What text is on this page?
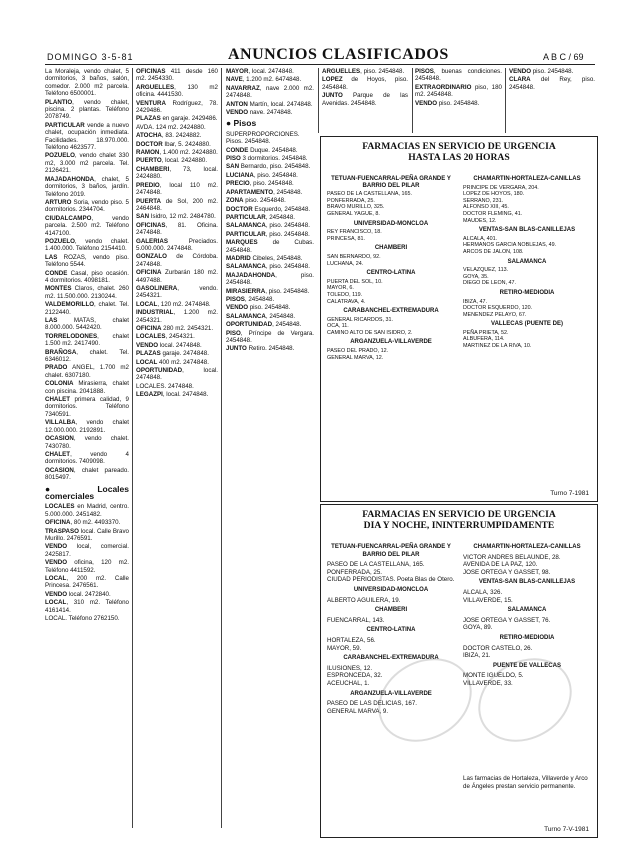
DOMINGO 3-5-81	ANUNCIOS CLASIFICADOS	A B C / 69

La Moraleja, vendo chalet, 5 dormitorios, 3 baños, salón, comedor. 2.000 m2 parcela. Teléfono 6500001.

PLANTIO, vendo chalet, piscina. 2 plantas. Teléfono 2078749.

PARTICULAR vende a nuevo chalet, ocupación inmediata. Facilidades. 18.970.000. Teléfono 4623577.

POZUELO, vendo chalet 330 m2, 3.000 m2 parcela. Tel. 2126421.

MAJADAHONDA, chalet, 5 dormitorios, 3 baños, jardín. Teléfono 2019.

ARTURO Soria, vendo piso. 5 dormitorios. 2344704.

CIUDALCAMPO, vendo parcela. 2.500 m2. Teléfono 4147100.

POZUELO, vendo chalet. 1.400.000. Teléfono 2154410.

LAS ROZAS, vendo piso. Teléfono 5544.

CONDE Casal, piso ocasión. 4 dormitorios. 4098181.

MONTES Claros, chalet. 260 m2. 11.500.000. 2130244.

VALDEMORILLO, chalet. Tel. 2122440.

LAS MATAS, chalet 8.000.000. 5442420.

TORRELODONES, chalet 1.500 m2. 2417490.

BRAÑOSA, chalet. Tel. 6346012.

PRADO ANGEL, 1.700 m2 chalet. 6307180.

COLONIA Mirasierra, chalet con piscina. 2041888.

CHALET primera calidad, 9 dormitorios. Teléfono 7340591.

VILLALBA, vendo chalet 12.000.000. 2192891.

OCASION, vendo chalet. 7430780.

CHALET, vendo 4 dormitorios. 7409098.

OCASION, chalet pareado. 8015497.

● Locales comerciales

LOCALES en Madrid, centro. 5.000.000. 2451482.

OFICINA, 80 m2. 4493370.

TRASPASO local. Calle Bravo Murillo. 2476591.

VENDO local, comercial. 2425817.

VENDO oficina, 120 m2. Teléfono 4411592.

LOCAL, 200 m2. Calle Princesa. 2476561.

VENDO local. 2472840.

LOCAL, 310 m2. Teléfono 4161414.

LOCAL. Teléfono 2762150.

OFICINAS 411 desde 160 m2. 2454330.

ARGUELLES, 130 m2 oficina. 4441530.

VENTURA Rodríguez, 78. 2429486.

PLAZAS en garaje. 2429486.

AVDA. 124 m2. 2424880.

ATOCHA, 83. 2424882.

DOCTOR Ibar, 5. 2424880.

RAMON, 1.400 m2. 2424880.

PUERTO, local. 2424880.

CHAMBERI, 73, local. 2424880.

PREDIO, local 110 m2. 2474848.

PUERTA de Sol, 200 m2. 2464848.

SAN Isidro, 12 m2. 2484780.

OFICINAS, 81. Oficina. 2474848.

GALERIAS Preciados. 5.000.000. 2474848.

GONZALO de Córdoba. 2474848.

OFICINA Zurbarán 180 m2. 4497488.

GASOLINERA, vendo. 2454321.

LOCAL, 120 m2. 2474848.

INDUSTRIAL, 1.200 m2. 2454321.

OFICINA 280 m2. 2454321.

LOCALES, 2454321.

VENDO local. 2474848.

PLAZAS garaje. 2474848.

LOCAL 400 m2. 2474848.

OPORTUNIDAD, local. 2474848.

LOCALES. 2474848.

LEGAZPI, local. 2474848.

MAYOR, local. 2474848.

NAVE, 1.200 m2. 6474848.

NAVARRAZ, nave 2.000 m2. 2474848.

ANTON Martín, local. 2474848.

VENDO nave. 2474848.

● Pisos

SUPERPROPORCIONES. Pisos. 2454848.

CONDE Duque. 2454848.

PISO 3 dormitorios. 2454848.

SAN Bernardo, piso. 2454848.

LUCIANA, piso. 2454848.

PRECIO, piso. 2454848.

APARTAMENTO, 2454848.

ZONA piso. 2454848.

DOCTOR Esquerdo, 2454848.

PARTICULAR, 2454848.

SALAMANCA, piso. 2454848.

PARTICULAR, piso. 2454848.

MARQUES de Cubas. 2454848.

MADRID Cibeles, 2454848.

SALAMANCA, piso. 2454848.

MAJADAHONDA, piso. 2454848.

MIRASIERRA, piso. 2454848.

PISOS, 2454848.

VENDO piso. 2454848.

SALAMANCA, 2454848.

OPORTUNIDAD, 2454848.

PISO, Príncipe de Vergara. 2454848.

JUNTO Retiro. 2454848.

ARGUELLES, piso. 2454848.

LOPEZ de Hoyos, piso. 2454848.

JUNTO Parque de las Avenidas. 2454848.

PISOS, buenas condiciones. 2454848.

EXTRAORDINARIO piso, 180 m2. 2454848.

VENDO piso. 2454848.

VENDO piso. 2454848.

CLARA del Rey, piso. 2454848.

FARMACIAS EN SERVICIO DE URGENCIA
HASTA LAS 20 HORAS
TETUAN-FUENCARRAL-PEÑA GRANDE Y BARRIO DEL PILAR
PASEO DE LA CASTELLANA, 165.
PONFERRADA, 25.
BRAVO MURILLO, 325.
GENERAL YAGUE, 8.
UNIVERSIDAD-MONCLOA
REY FRANCISCO, 18.
PRINCESA, 81.
CHAMBERI
SAN BERNARDO, 92.
LUCHANA, 24.
CENTRO-LATINA
PUERTA DEL SOL, 10.
MAYOR, 6.
TOLEDO, 119.
CALATRAVA, 4.
CARABANCHEL-EXTREMADURA
GENERAL RICARDOS, 31.
OCA, 11.
CAMINO ALTO DE SAN ISIDRO, 2.
ARGANZUELA-VILLAVERDE
PASEO DEL PRADO, 12.
GENERAL MARVA, 12.
CHAMARTIN-HORTALEZA-CANILLAS
PRINCIPE DE VERGARA, 204.
LOPEZ DE HOYOS, 180.
SERRANO, 231.
ALFONSO XIII, 45.
DOCTOR FLEMING, 41.
MAUDES, 12.
VENTAS-SAN BLAS-CANILLEJAS
ALCALA, 401.
HERMANOS GARCIA NOBLEJAS, 49.
ARCOS DE JALON, 108.
SALAMANCA
VELAZQUEZ, 113.
GOYA, 35.
DIEGO DE LEON, 47.
RETIRO-MEDIODIA
IBIZA, 47.
DOCTOR ESQUERDO, 120.
MENENDEZ PELAYO, 67.
VALLECAS (PUENTE DE)
PEÑA PRIETA, 52.
ALBUFERA, 114.
MARTINEZ DE LA RIVA, 10.
Turno 7-1981
FARMACIAS EN SERVICIO DE URGENCIA
DIA Y NOCHE, ININTERRUMPIDAMENTE
TETUAN-FUENCARRAL-PEÑA GRANDE Y BARRIO DEL PILAR
PASEO DE LA CASTELLANA, 165.
PONFERRADA, 25.
CIUDAD PERIODISTAS. Poeta Blas de Otero.
UNIVERSIDAD-MONCLOA
ALBERTO AGUILERA, 19.
CHAMBERI
FUENCARRAL, 143.
CENTRO-LATINA
HORTALEZA, 56.
MAYOR, 59.
CARABANCHEL-EXTREMADURA
ILUSIONES, 12.
ESPRONCEDA, 32.
ACEUCHAL, 1.
ARGANZUELA-VILLAVERDE
PASEO DE LAS DELICIAS, 167.
GENERAL MARVA, 9.
CHAMARTIN-HORTALEZA-CANILLAS
VICTOR ANDRES BELAUNDE, 28.
AVENIDA DE LA PAZ, 120.
JOSE ORTEGA Y GASSET, 98.
VENTAS-SAN BLAS-CANILLEJAS
ALCALA, 326.
VILLAVERDE, 15.
SALAMANCA
JOSE ORTEGA Y GASSET, 76.
GOYA, 89.
RETIRO-MEDIODIA
DOCTOR CASTELO, 26.
IBIZA, 21.
PUENTE DE VALLECAS
MONTE IGUELDO, 5.
VILLAVERDE, 33.
Las farmacias de Hortaleza, Villaverde y Arco de Ángeles prestan servicio permanente.
Turno 7-V-1981
